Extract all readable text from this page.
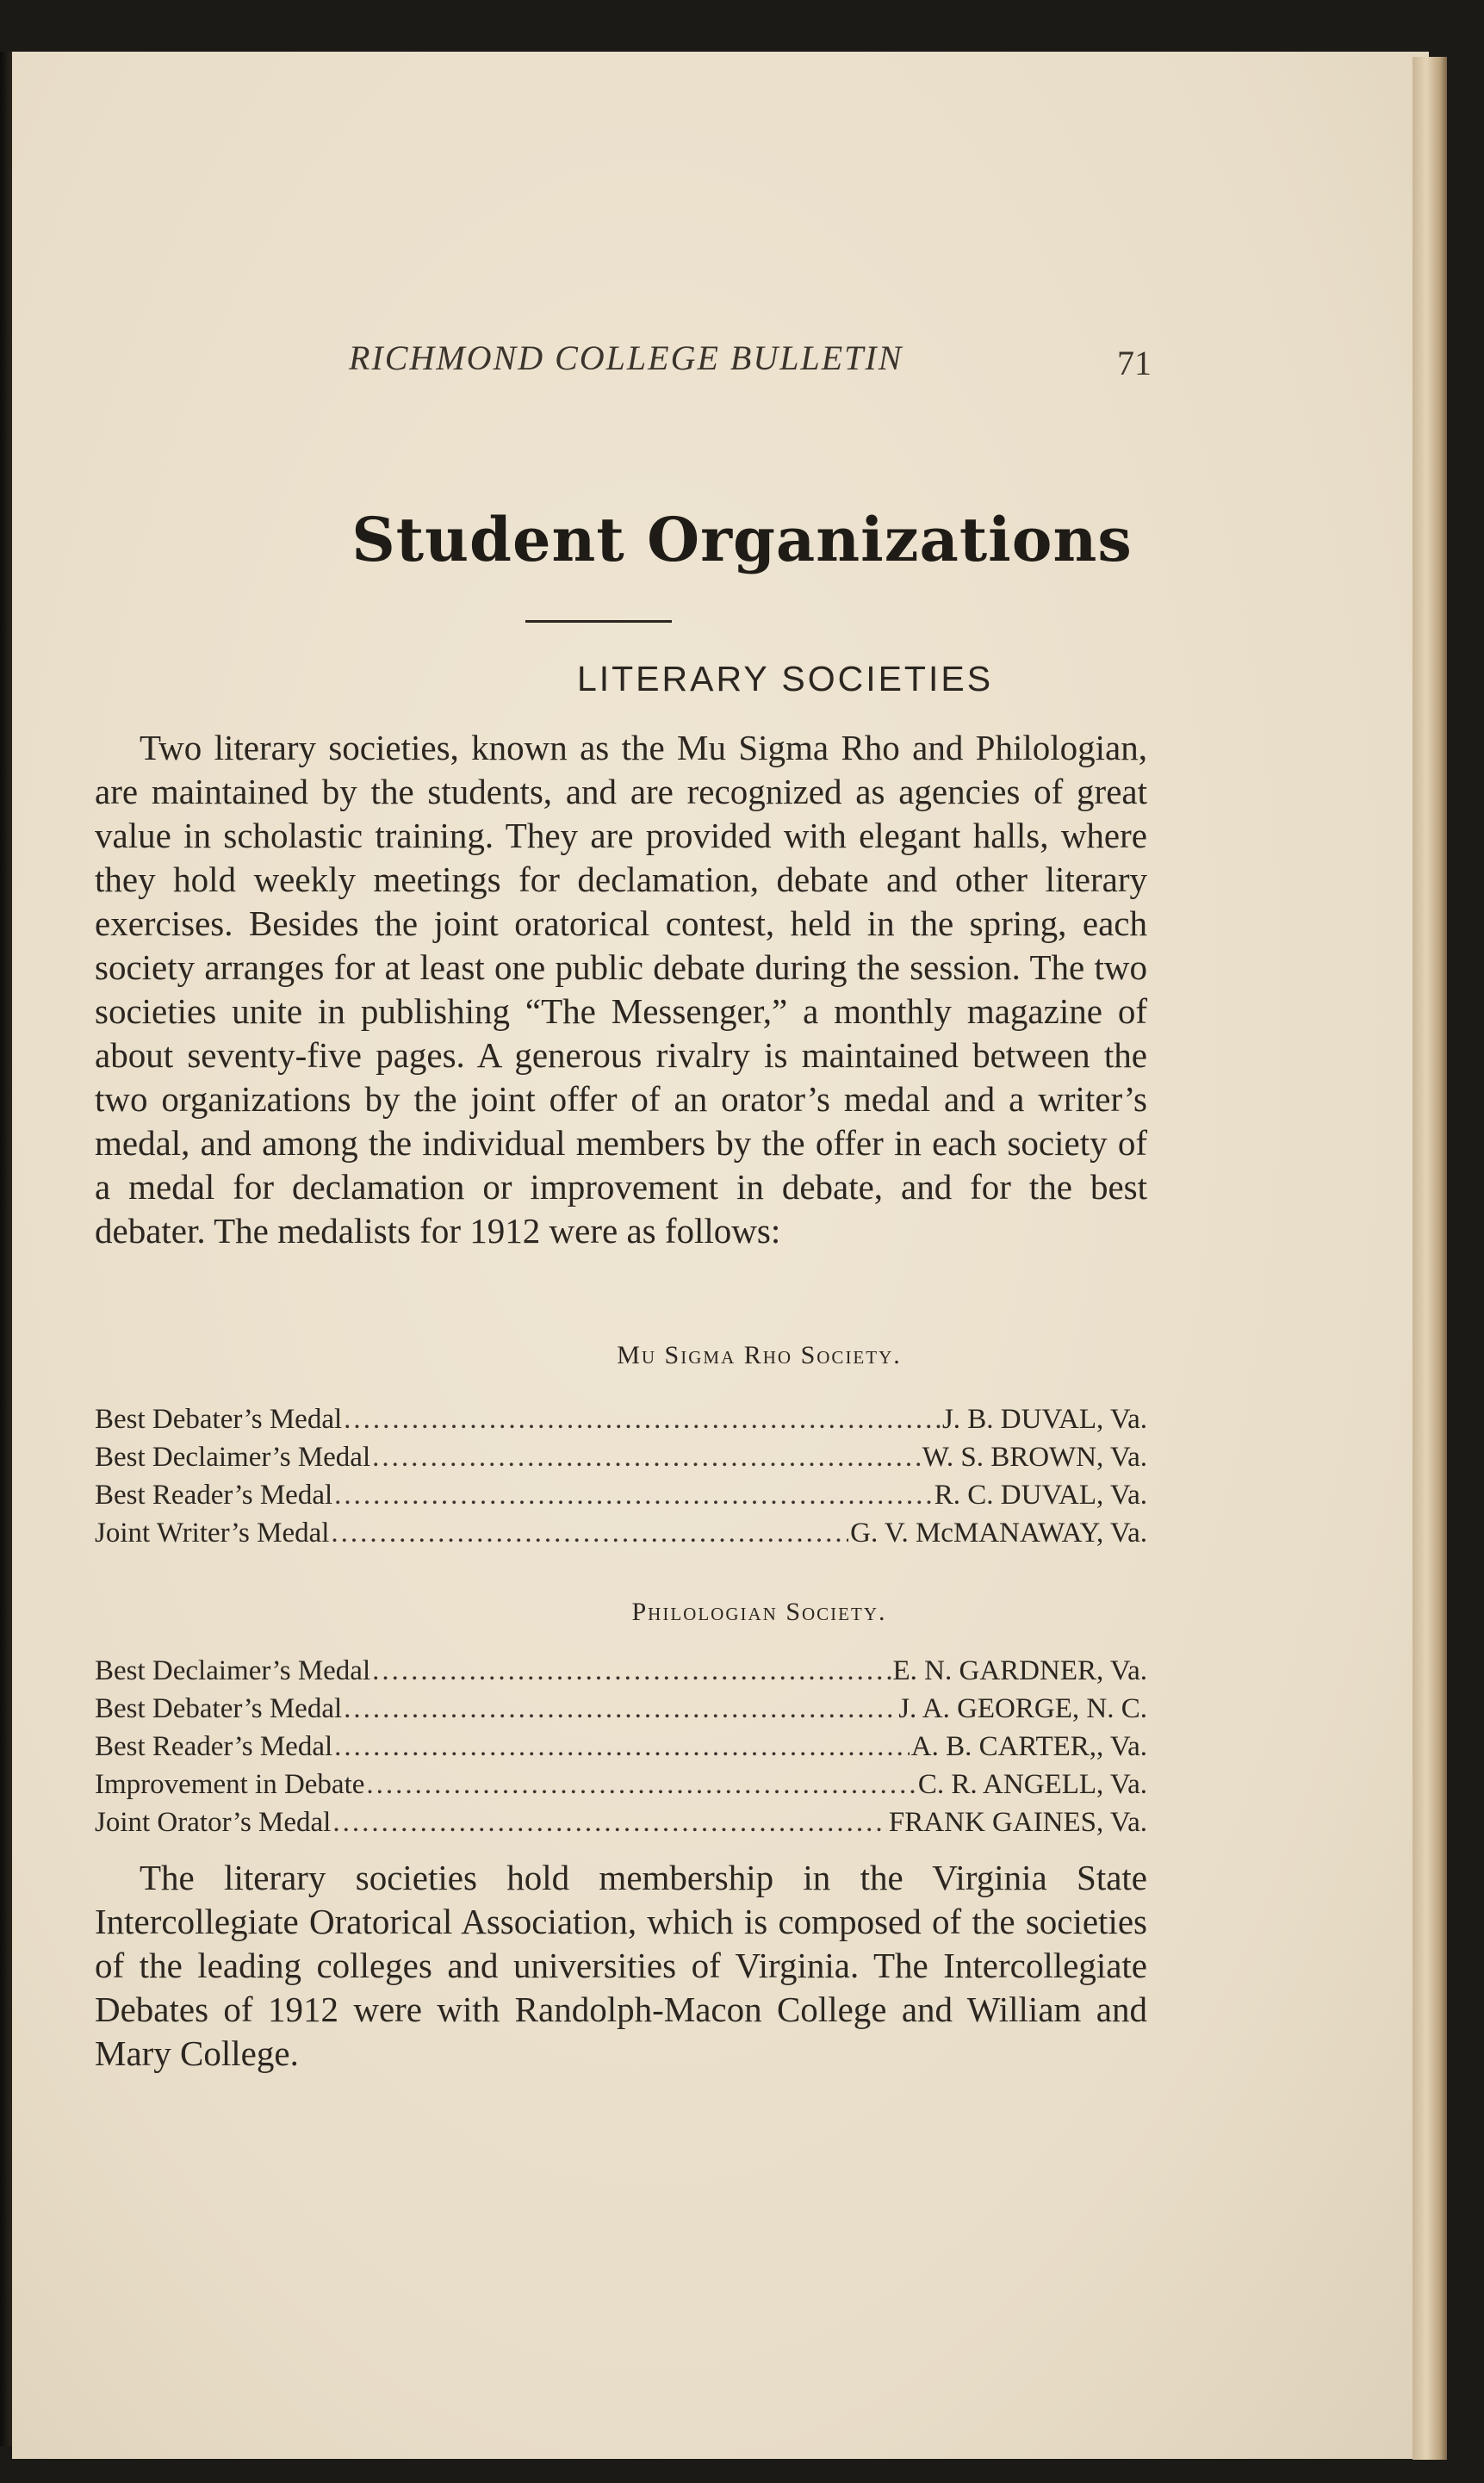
RICHMOND COLLEGE BULLETIN	71
Student Organizations
LITERARY SOCIETIES
Two literary societies, known as the Mu Sigma Rho and Philologian, are maintained by the students, and are recognized as agencies of great value in scholastic training. They are provided with elegant halls, where they hold weekly meetings for declamation, debate and other literary exercises. Besides the joint oratorical contest, held in the spring, each society arranges for at least one public debate during the session. The two societies unite in publishing “The Messenger,” a monthly magazine of about seventy-five pages. A generous rivalry is maintained between the two organizations by the joint offer of an orator’s medal and a writer’s medal, and among the individual members by the offer in each society of a medal for declamation or improvement in debate, and for the best debater. The medalists for 1912 were as follows:
Mu Sigma Rho Society.
Best Debater’s Medal .....	J. B. DUVAL, Va.
Best Declaimer’s Medal .....	W. S. BROWN, Va.
Best Reader’s Medal .....	R. C. DUVAL, Va.
Joint Writer’s Medal .....	G. V. McMANAWAY, Va.
Philologian Society.
Best Declaimer’s Medal .....	E. N. GARDNER, Va.
Best Debater’s Medal .....	J. A. GEORGE, N. C.
Best Reader’s Medal .....	A. B. CARTER,, Va.
Improvement in Debate .....	C. R. ANGELL, Va.
Joint Orator’s Medal .....	FRANK GAINES, Va.
The literary societies hold membership in the Virginia State Intercollegiate Oratorical Association, which is composed of the societies of the leading colleges and universities of Virginia. The Intercollegiate Debates of 1912 were with Randolph-Macon College and William and Mary College.
